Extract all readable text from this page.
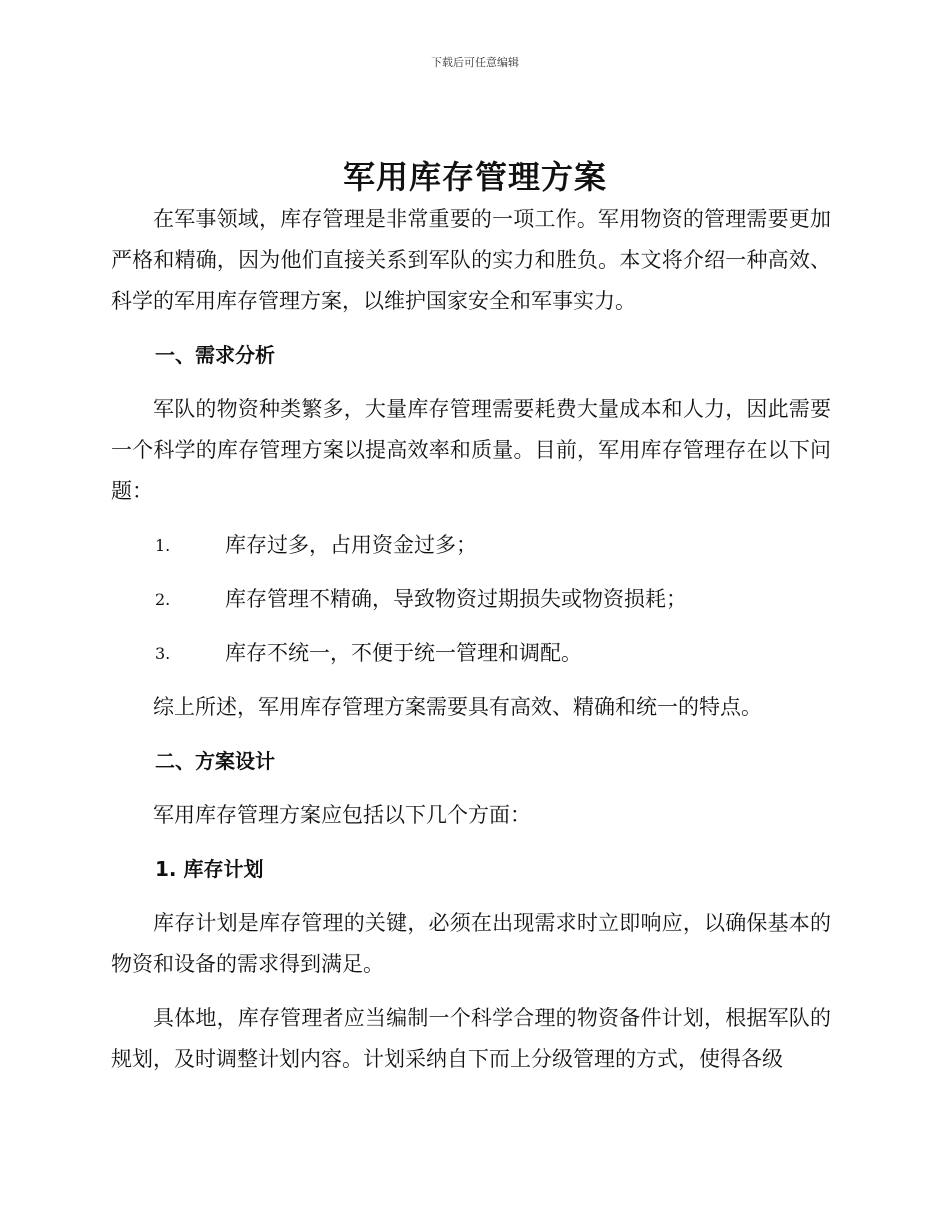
下载后可任意编辑
军用库存管理方案

在军事领域，库存管理是非常重要的一项工作。军用物资的管理需要更加严格和精确，因为他们直接关系到军队的实力和胜负。本文将介绍一种高效、科学的军用库存管理方案，以维护国家安全和军事实力。

一、需求分析

军队的物资种类繁多，大量库存管理需要耗费大量成本和人力，因此需要一个科学的库存管理方案以提高效率和质量。目前，军用库存管理存在以下问题：

1.	库存过多，占用资金过多；
2.	库存管理不精确，导致物资过期损失或物资损耗；
3.	库存不统一，不便于统一管理和调配。

综上所述，军用库存管理方案需要具有高效、精确和统一的特点。

二、方案设计

军用库存管理方案应包括以下几个方面：

1. 库存计划

库存计划是库存管理的关键，必须在出现需求时立即响应，以确保基本的物资和设备的需求得到满足。

具体地，库存管理者应当编制一个科学合理的物资备件计划，根据军队的规划，及时调整计划内容。计划采纳自下而上分级管理的方式，使得各级
